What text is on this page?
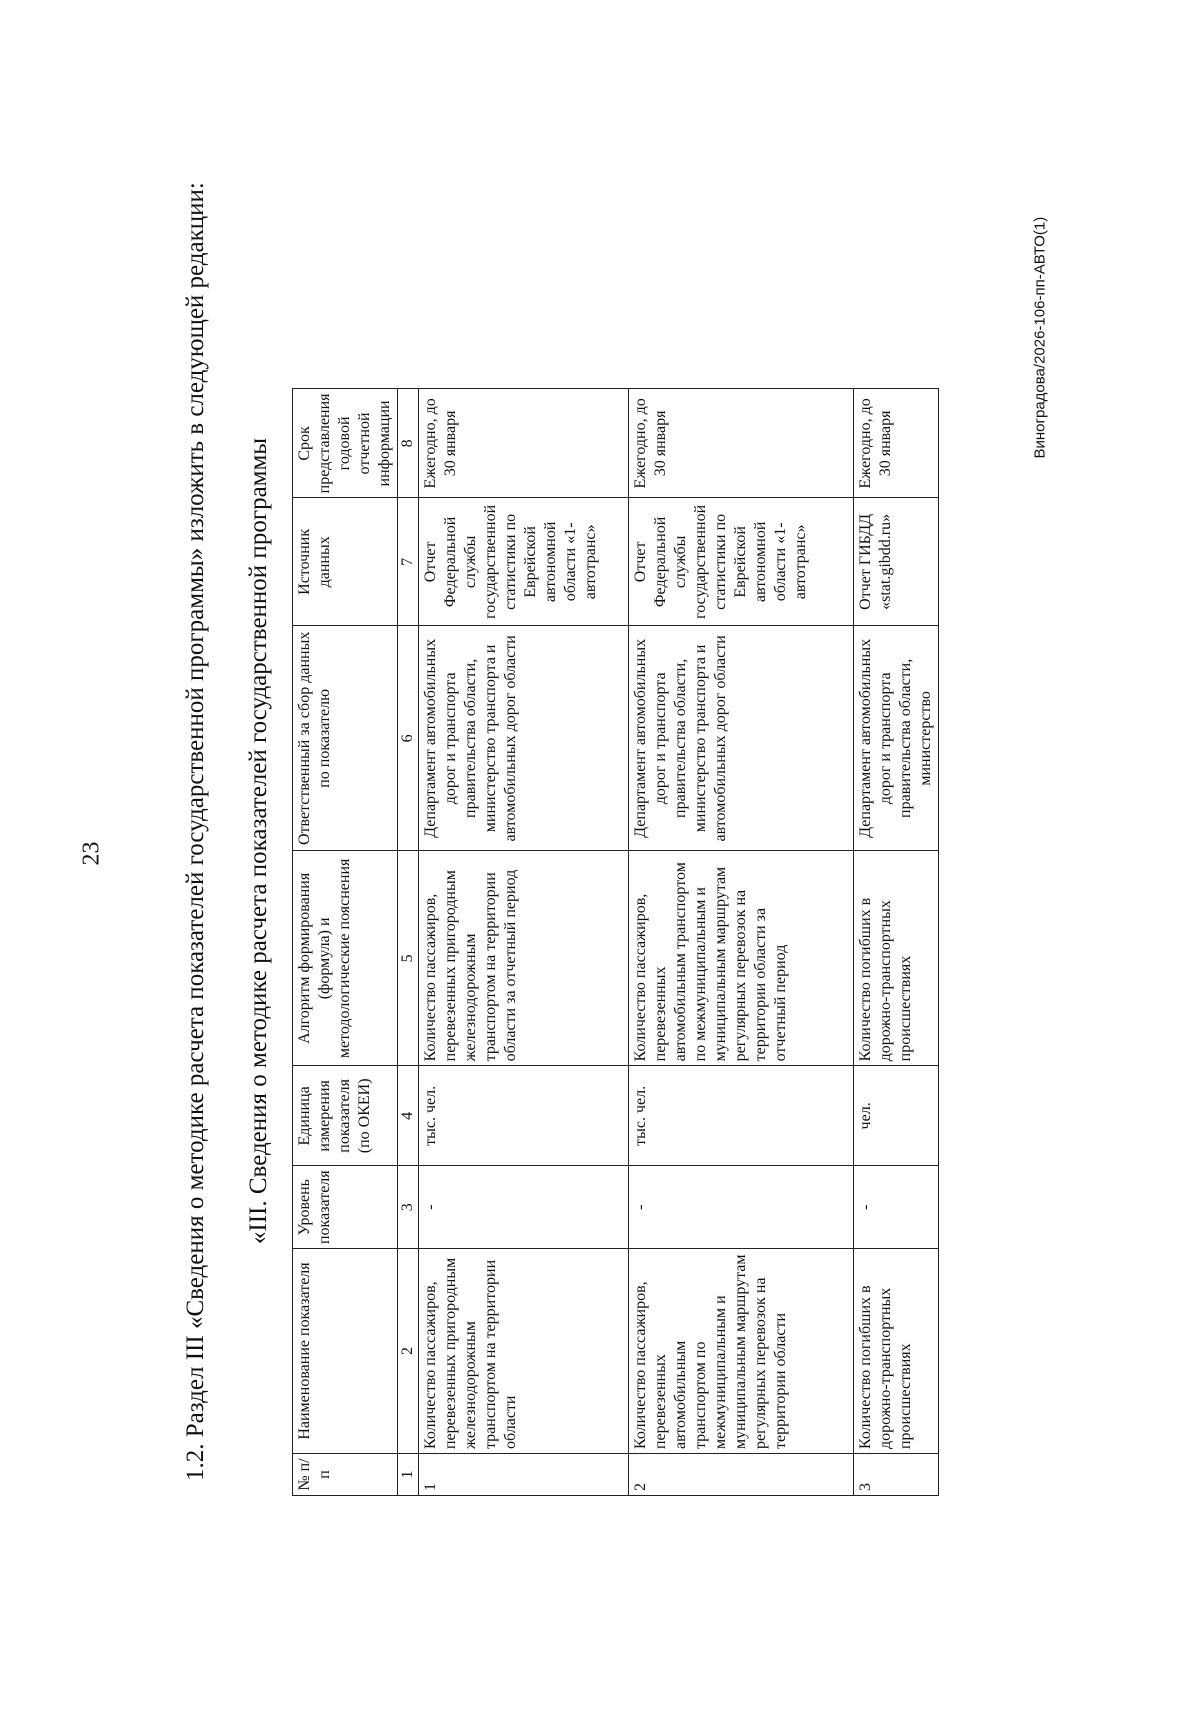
23
Виноградова/2026-106-пп-АВТО(1)
1.2. Раздел III «Сведения о методике расчета показателей государственной программы» изложить в следующей редакции:	«III. Сведения о методике расчета показателей государственной программы
№ п/п	Наименование показателя	Уровень показателя	Единица измерения показателя (по ОКЕИ)	Алгоритм формирования (формула) и методологические пояснения	Ответственный за сбор данных по показателю	Источник данных	Срок представления годовой отчетной информации
1	2	3	4	5	6	7	8
1	Количество пассажиров, перевезенных пригородным железнодорожным транспортом на территории области	-	тыс. чел.	Количество пассажиров, перевезенных пригородным железнодорожным транспортом на территории области за отчетный период	Департамент автомобильных дорог и транспорта правительства области, министерство транспорта и автомобильных дорог области	Отчет Федеральной службы государственной статистики по Еврейской автономной области «1-автотранс»	Ежегодно, до 30 января
2	Количество пассажиров, перевезенных автомобильным транспортом по межмуниципальным и муниципальным маршрутам регулярных перевозок на территории области	-	тыс. чел.	Количество пассажиров, перевезенных автомобильным транспортом по межмуниципальным и муниципальным маршрутам регулярных перевозок на территории области за отчетный период	Департамент автомобильных дорог и транспорта правительства области, министерство транспорта и автомобильных дорог области	Отчет Федеральной службы государственной статистики по Еврейской автономной области «1-автотранс»	Ежегодно, до 30 января
3	Количество погибших в дорожно-транспортных происшествиях	-	чел.	Количество погибших в дорожно-транспортных происшествиях	Департамент автомобильных дорог и транспорта правительства области, министерство	Отчет ГИБДД «stat.gibdd.ru»	Ежегодно, до 30 января
